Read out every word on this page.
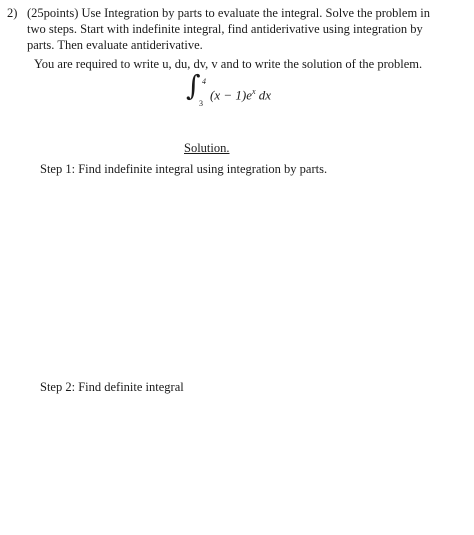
2) (25points) Use Integration by parts to evaluate the integral. Solve the problem in two steps. Start with indefinite integral, find antiderivative using integration by parts. Then evaluate antiderivative.
You are required to write u, du, dv, v and to write the solution of the problem.
∫ 4
3
$(x - 1)e^x$ dx
Solution.
Step 1: Find indefinite integral using integration by parts.
Step 2: Find definite integral
